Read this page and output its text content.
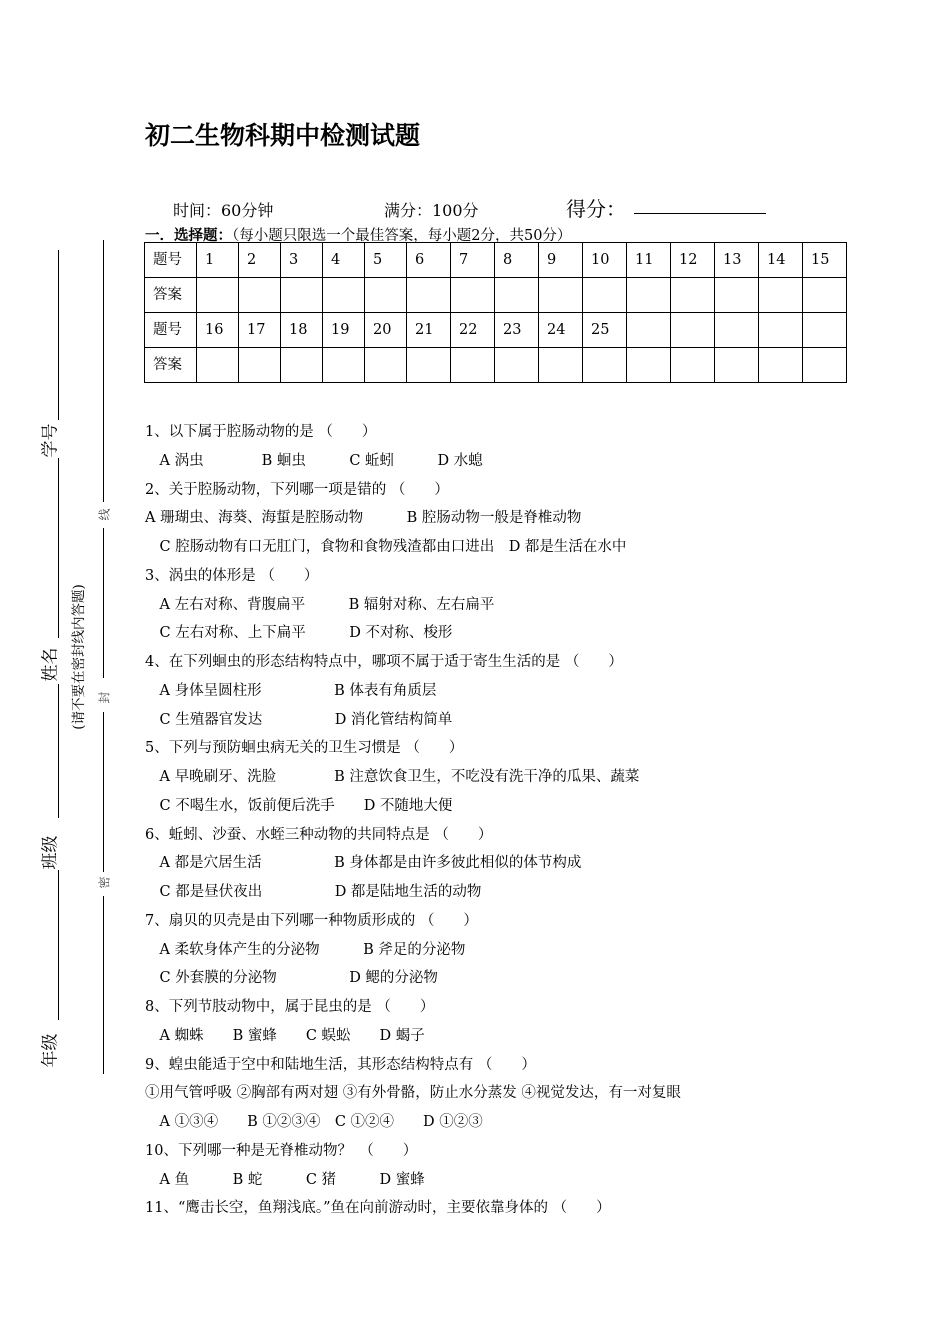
初二生物科期中检测试题
时间：60分钟	满分：100分	得分：
一．选择题：（每小题只限选一个最佳答案，每小题2分，共50分）
题号	1	2	3	4	5	6	7	8	9	10	11	12	13	14	15
答案															
题号	16	17	18	19	20	21	22	23	24	25					
答案															
1、以下属于腔肠动物的是 （　　）
　A 涡虫　　　　B 蛔虫　　　C 蚯蚓　　　D 水螅
2、关于腔肠动物，下列哪一项是错的 （　　）
A 珊瑚虫、海葵、海蜇是腔肠动物　　　B 腔肠动物一般是脊椎动物
　C 腔肠动物有口无肛门，食物和食物残渣都由口进出　D 都是生活在水中
3、涡虫的体形是 （　　）
　A 左右对称、背腹扁平　　　B 辐射对称、左右扁平
　C 左右对称、上下扁平　　　D 不对称、梭形
4、在下列蛔虫的形态结构特点中，哪项不属于适于寄生生活的是 （　　）
　A 身体呈圆柱形　　　　　B 体表有角质层
　C 生殖器官发达　　　　　D 消化管结构简单
5、下列与预防蛔虫病无关的卫生习惯是 （　　）
　A 早晚刷牙、洗脸　　　　B 注意饮食卫生，不吃没有洗干净的瓜果、蔬菜
　C 不喝生水，饭前便后洗手　　D 不随地大便
6、蚯蚓、沙蚕、水蛭三种动物的共同特点是 （　　）
　A 都是穴居生活　　　　　B 身体都是由许多彼此相似的体节构成
　C 都是昼伏夜出　　　　　D 都是陆地生活的动物
7、扇贝的贝壳是由下列哪一种物质形成的 （　　）
　A 柔软身体产生的分泌物　　　B 斧足的分泌物
　C 外套膜的分泌物　　　　　D 鳃的分泌物
8、下列节肢动物中，属于昆虫的是 （　　）
　A 蜘蛛　　B 蜜蜂　　C 蜈蚣　　D 蝎子
9、蝗虫能适于空中和陆地生活，其形态结构特点有 （　　）
①用气管呼吸 ②胸部有两对翅 ③有外骨骼，防止水分蒸发 ④视觉发达，有一对复眼
　A ①③④　　B ①②③④　C ①②④　　D ①②③
10、下列哪一种是无脊椎动物？　（　　）
　A 鱼　　　B 蛇　　　C 猪　　　D 蜜蜂
11、“鹰击长空，鱼翔浅底。”鱼在向前游动时，主要依靠身体的 （　　）
学号
姓名
班级
年级
(请不要在密封线内答题)
线
封
密
